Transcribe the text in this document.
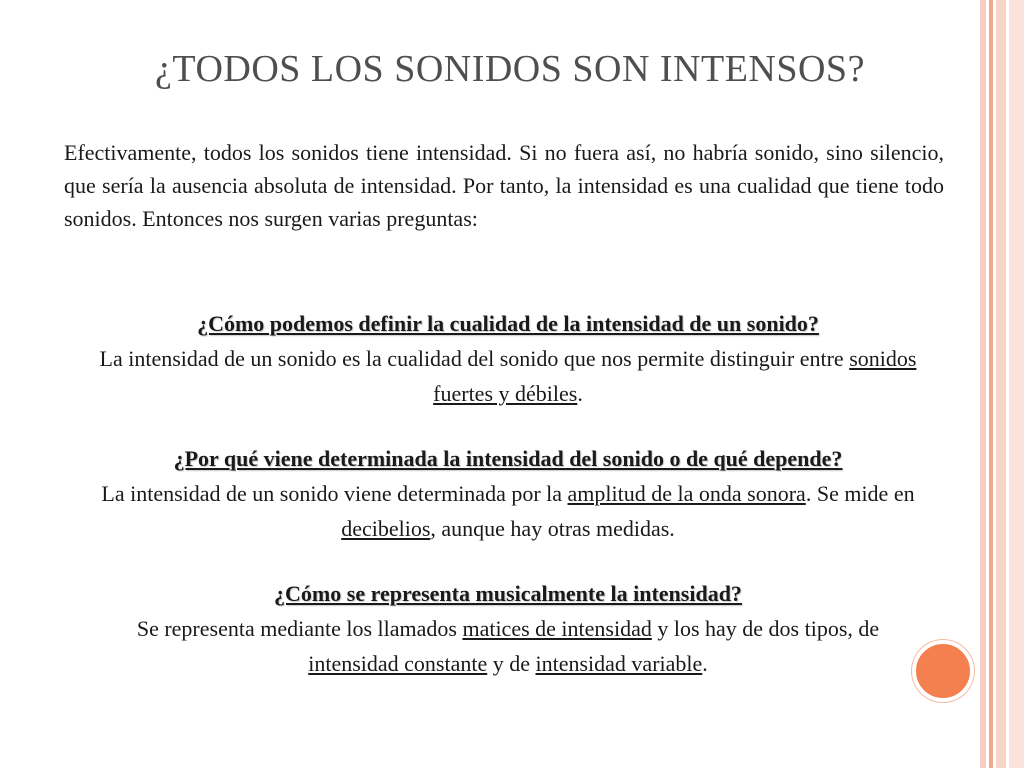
¿TODOS LOS SONIDOS SON INTENSOS?
Efectivamente, todos los sonidos tiene intensidad. Si no fuera así, no habría sonido, sino silencio, que sería la ausencia absoluta de intensidad. Por tanto, la intensidad es una cualidad que tiene todo sonidos. Entonces nos surgen varias preguntas:
¿Cómo podemos definir la cualidad de la intensidad de un sonido?
La intensidad de un sonido es la cualidad del sonido que nos permite distinguir entre sonidos fuertes y débiles.
¿Por qué viene determinada la intensidad del sonido o de qué depende?
La intensidad de un sonido viene determinada por la amplitud de la onda sonora. Se mide en decibelios, aunque hay otras medidas.
¿Cómo se representa musicalmente la intensidad?
Se representa mediante los llamados matices de intensidad y los hay de dos tipos, de intensidad constante y de intensidad variable.
